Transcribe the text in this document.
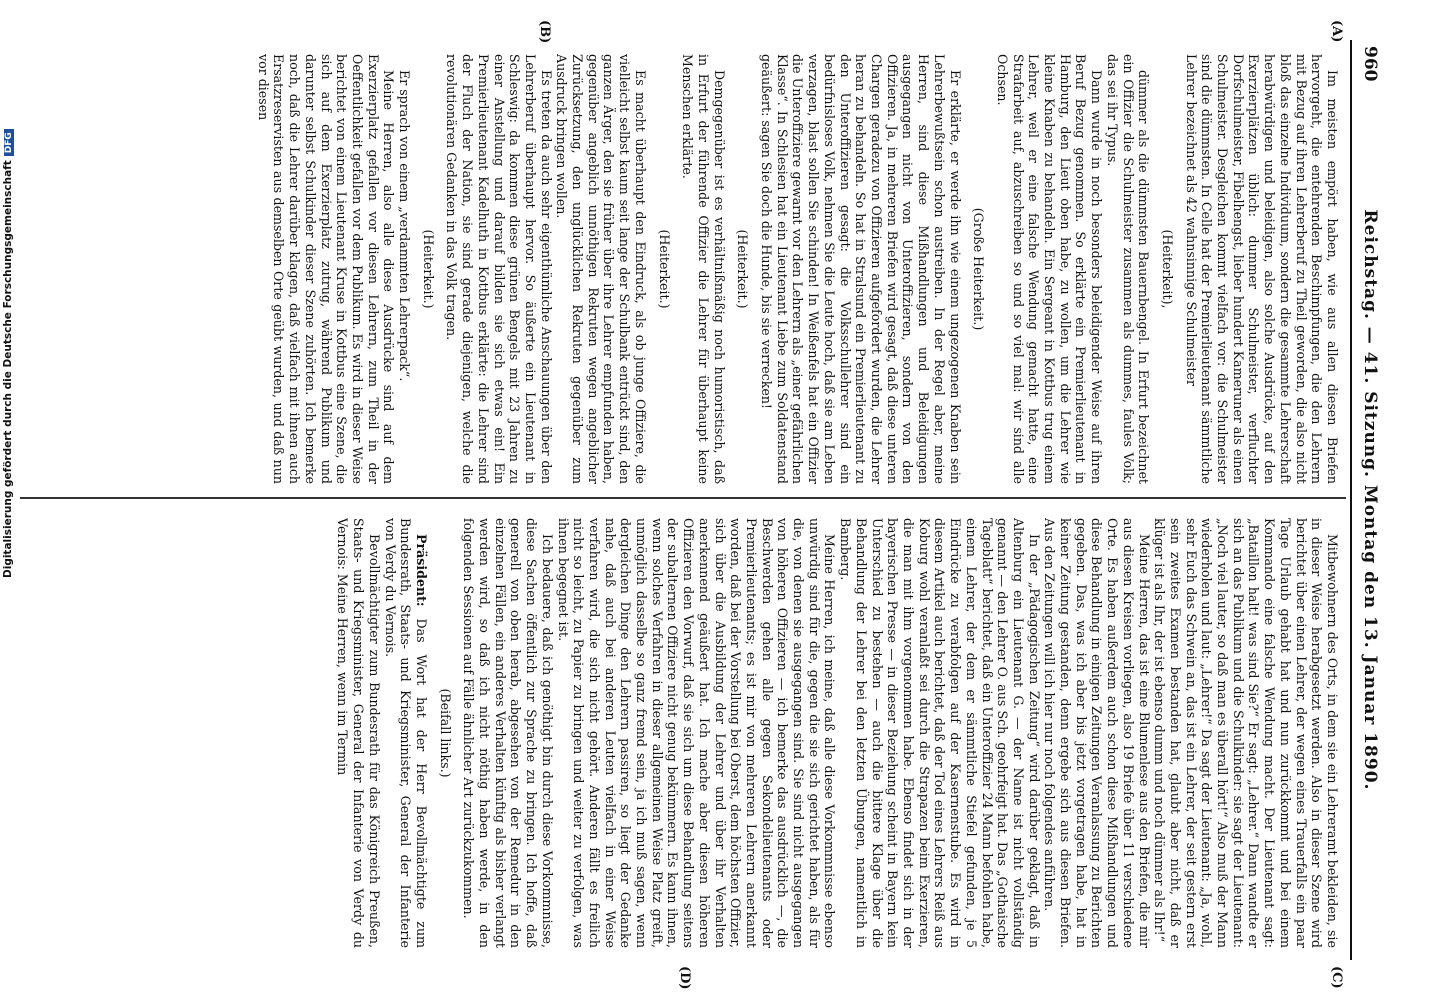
960
Reichstag. — 41. Sitzung. Montag den 13. Januar 1890.
(A)
(B)
(C)
(D)

Im meisten empört haben, wie aus allen diesen Briefen hervorgeht, die entehrenden Beschimpfungen, die den Lehrern mit Bezug auf ihren Lehrerberuf zu Theil geworden, die also nicht bloß das einzelne Individuum, sondern die gesammte Lehrerschaft herabwürdigen und beleidigen, also solche Ausdrücke, auf den Exerzierplätzen üblich: dummer Schulmeister, verfluchter Dorfschulmeister, Fibelhengst, lieber hundert Kameruner als einen Schulmeister. Desgleichen kommt vielfach vor: die Schulmeister sind die dümmsten. In Celle hat der Premierlieutenant sämmtliche Lehrer bezeichnet als 42 wahnsinnige Schulmeister

(Heiterkeit),

dümmer als die dümmsten Bauernbengel. In Erfurt bezeichnet ein Offizier die Schulmeister zusammen als dummes, faules Volk; das sei ihr Typus.

Dann wurde in noch besonders beleidigender Weise auf ihren Beruf Bezug genommen. So erklärte ein Premierlieutenant in Hamburg, den Lieut oben habe, zu wollen, um die Lehrer wie kleine Knaben zu behandeln. Ein Sergeant in Kottbus trug einem Lehrer, weil er eine falsche Wendung gemacht hatte, eine Strafarbeit auf, abzuschreiben so und so viel mal: wir sind alle Ochsen.

(Große Heiterkeit.)

Er erklärte, er werde ihn wie einem ungezogenen Knaben sein Lehrerbewußtsein schon austreiben. In der Regel aber, meine Herren, sind diese Mißhandlungen und Beleidigungen ausgegangen nicht von Unteroffizieren, sondern von den Offizieren. Ja, in mehreren Briefen wird gesagt, daß diese unteren Chargen geradezu von Offizieren aufgefordert wurden, die Lehrer heran zu behandeln. So hat in Stralsund ein Premierlieutenant zu den Unteroffizieren gesagt: die Volksschullehrer sind ein bedürfnisloses Volk, nehmen Sie die Leute hoch, daß sie am Leben verzagen, blast sollen Sie schinden! In Weißenfels hat ein Offizier die Unteroffiziere gewarnt vor den Lehrern als „einer gefährlichen Klasse“. In Schlesien hat ein Lieutenant Liebe zum Soldatenstand geäußert: sagen Sie doch die Hunde, bis sie verrecken!

(Heiterkeit.)

Demgegenüber ist es verhältnißmäßig noch humoristisch, daß in Erfurt der führende Offizier die Lehrer für überhaupt keine Menschen erklärte.

(Heiterkeit.)

Es macht überhaupt den Eindruck, als ob junge Offiziere, die vielleicht selbst kaum seit lange der Schulbank entrückt sind, den ganzen Ärger, den sie früher über ihre Lehrer empfunden haben, gegenüber angeblich unnöthigen Rekruten wegen angeblicher Zurücksetzung, den unglücklichen Rekruten gegenüber zum Ausdruck bringen wollen.

Es treten da auch sehr eigenthümliche Anschauungen über den Lehrerberuf überhaupt hervor. So äußerte ein Lieutenant in Schleswig: da kommen diese grünen Bengels mit 23 Jahren zu einer Anstellung und darauf bilden sie sich etwas ein! Ein Premierlieutenant Kadelhuth in Kottbus erklärte: die Lehrer sind der Fluch der Nation, sie sind gerade diejenigen, welche die revolutionären Gedanken in das Volk tragen.

(Heiterkeit.)

Er sprach von einem „verdammten Lehrerpack“.

Meine Herren, also alle diese Ausdrücke sind auf dem Exerzierplatz gefallen vor diesen Lehrern, zum Theil in der Oeffentlichkeit gefallen vor dem Publikum. Es wird in dieser Weise berichtet von einem Lieutenant Kruse in Kottbus eine Szene, die sich auf dem Exerzierplatz zutrug, während Publikum und darunter selbst Schulkinder dieser Szene zuhörten. Ich bemerke noch, daß die Lehrer darüber klagen, daß vielfach mit ihnen auch Ersatzreservisten aus demselben Orte geübt wurden, und daß nun vor diesen

Mitbewohnern des Orts, in dem sie ein Lehreramt bekleiden, sie in dieser Weise herabgesetzt werden. Also in dieser Szene wird berichtet über einen Lehrer, der wegen eines Trauerfalls ein paar Tage Urlaub gehabt hat und nun zurückkommt und bei einem Kommando eine falsche Wendung macht. Der Lieutenant sagt: „Bataillon halt! was sind Sie?“ Er sagt: „Lehrer.“ Dann wandte er sich an das Publikum und die Schulkinder: sie sagt der Lieutenant: „Noch viel lauter, so daß man es überall hört!“ Also muß der Mann wiederholen und laut: „Lehrer!“ Da sagt der Lieutenant: „Ja, wohl, sehr Euch das Schwein an, das ist ein Lehrer, der seit gestern erst sein zweites Examen bestanden hat, glaubt aber nicht, daß er klüger ist als Ihr, der ist ebenso dumm und noch dümmer als Ihr!“

Meine Herren, das ist eine Blumenlese aus den Briefen, die mir aus diesen Kreisen vorliegen, also 19 Briefe über 11 verschiedene Orte. Es haben außerdem auch schon diese Mißhandlungen und diese Behandlung in einigen Zeitungen Veranlassung zu Berichten gegeben. Das, was ich aber bis jetzt vorgetragen habe, hat in keiner Zeitung gestanden, denn ergebe sich aus diesen Briefen. Aus den Zeitungen will ich hier nur noch folgendes anführen.

In der „Pädagogischen Zeitung“ wird darüber geklagt, daß in Altenburg ein Lieutenant G. — der Name ist nicht vollständig genannt — den Lehrer O. aus Sch. geohrfeigt hat. Das „Gothaische Tageblatt“ berichtet, daß ein Unteroffizier 24 Mann befohlen habe, einem Lehrer, der dem er sämmtliche Stiefel gefunden, je 5 Eindrücke zu verabfolgen auf der Kasernenstube. Es wird in diesem Artikel auch berichtet, daß der Tod eines Lehrers Reiß aus Koburg wohl veranlaßt sei durch die Strapazen beim Exerzieren, die man mit ihm vorgenommen habe. Ebenso findet sich in der bayerischen Presse — in dieser Beziehung scheint in Bayern kein Unterschied zu bestehen — auch die bittere Klage über die Behandlung der Lehrer bei den letzten Übungen, namentlich in Bamberg.

Meine Herren, ich meine, daß alle diese Vorkommnisse ebenso unwürdig sind für die, gegen die sie sich gerichtet haben, als für die, von denen sie ausgegangen sind. Sie sind nicht ausgegangen von höheren Offizieren — ich bemerke das ausdrücklich —, die Beschwerden gehen alle gegen Sekondelieutenants oder Premierlieutenants; es ist mir von mehreren Lehrern anerkannt worden, daß bei der Vorstellung bei Oberst, dem höchsten Offizier, sich über die Ausbildung der Lehrer und über ihr Verhalten anerkennend geäußert hat. Ich mache aber diesen höheren Offizieren den Vorwurf, daß sie sich um diese Behandlung seitens der subalternen Offiziere nicht genug bekümmern. Es kann ihnen, wenn solches Verfahren in dieser allgemeinen Weise Platz greift, unmöglich dasselbe so ganz fremd sein, ja ich muß sagen, wenn dergleichen Dinge den Lehrern passiren, so liegt der Gedanke nahe, daß auch bei anderen Leuten vielfach in einer Weise verfahren wird, die sich nicht gehört. Anderen fällt es freilich nicht so leicht, zu Papier zu bringen und weiter zu verfolgen, was ihnen begegnet ist.

Ich bedauere, daß ich genöthigt bin durch diese Vorkommnisse, diese Sachen öffentlich zur Sprache zu bringen. Ich hoffe, daß generell von oben herab, abgesehen von der Remedur in den einzelnen Fällen, ein anderes Verhalten künftig als bisher verlangt werden wird, so daß ich nicht nöthig haben werde, in den folgenden Sessionen auf Fälle ähnlicher Art zurückzukommen.

(Beifall links.)

Präsident: Das Wort hat der Herr Bevollmächtigte zum Bundesrath, Staats- und Kriegsminister, General der Infanterie von Verdy du Vernois.

Bevollmächtigter zum Bundesrath für das Königreich Preußen, Staats- und Kriegsminister, General der Infanterie von Verdy du Vernois: Meine Herren, wenn im Termin

Digitalisierung gefördert durch die Deutsche ForschungsgemeinschaftDFG
